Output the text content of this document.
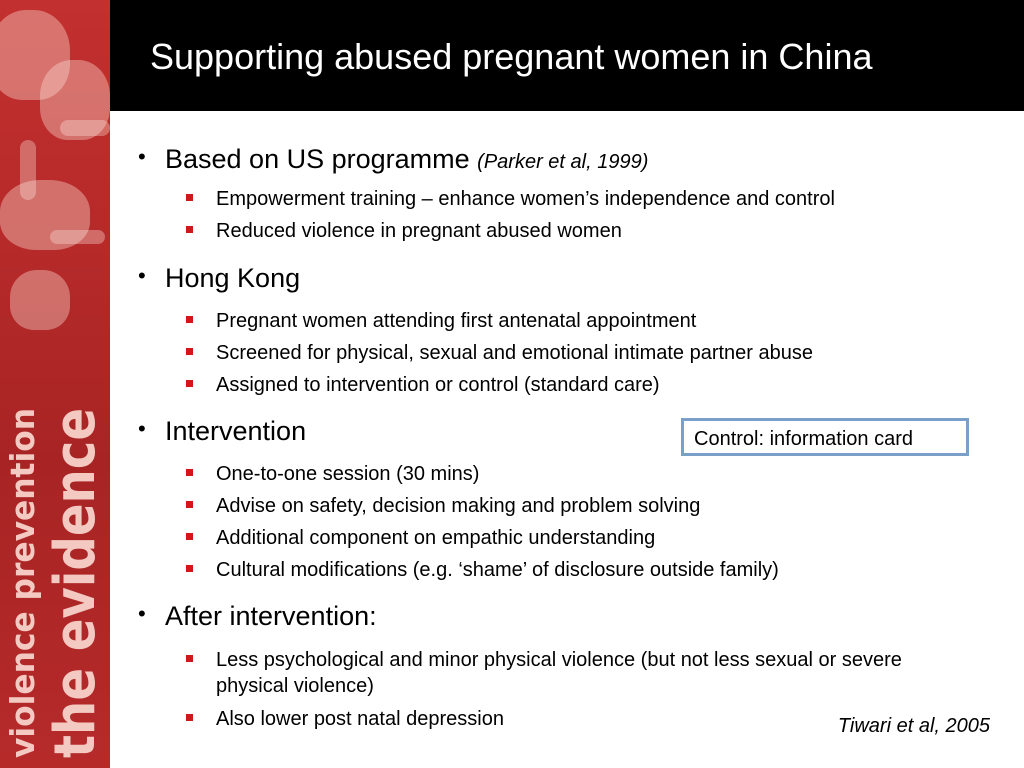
violence prevention the evidence
Supporting abused pregnant women in China
• Based on US programme (Parker et al, 1999)
Empowerment training – enhance women’s independence and control
Reduced violence in pregnant abused women
• Hong Kong
Pregnant women attending first antenatal appointment
Screened for physical, sexual and emotional intimate partner abuse
Assigned to intervention or control (standard care)
• Intervention
One-to-one session (30 mins)
Advise on safety, decision making and problem solving
Additional component on empathic understanding
Cultural modifications (e.g. ‘shame’ of disclosure outside family)
• After intervention:
Less psychological and minor physical violence (but not less sexual or severe physical violence)
Also lower post natal depression
Control: information card
Tiwari et al, 2005
